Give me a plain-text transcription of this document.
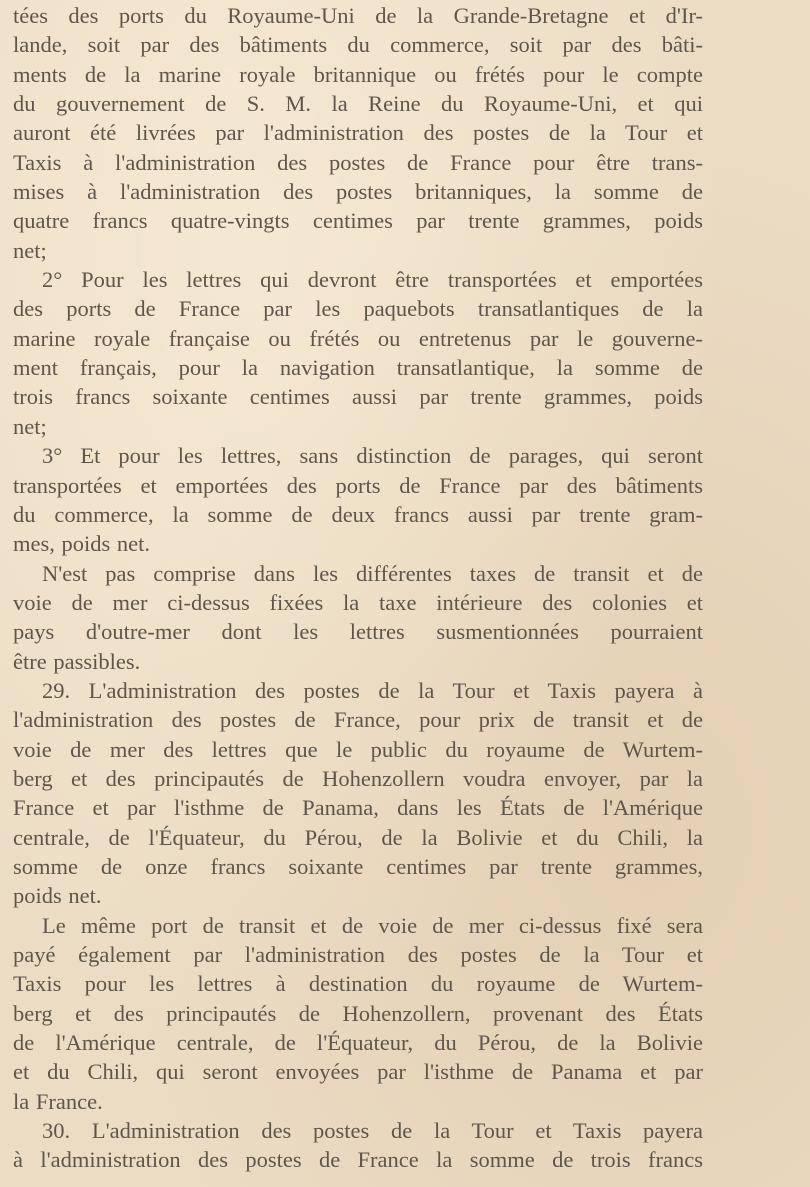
tées des ports du Royaume-Uni de la Grande-Bretagne et d'Ir-
lande, soit par des bâtiments du commerce, soit par des bâti-
ments de la marine royale britannique ou frétés pour le compte
du gouvernement de S. M. la Reine du Royaume-Uni, et qui
auront été livrées par l'administration des postes de la Tour et
Taxis à l'administration des postes de France pour être trans-
mises à l'administration des postes britanniques, la somme de
quatre francs quatre-vingts centimes par trente grammes, poids
net;
2° Pour les lettres qui devront être transportées et emportées
des ports de France par les paquebots transatlantiques de la
marine royale française ou frétés ou entretenus par le gouverne-
ment français, pour la navigation transatlantique, la somme de
trois francs soixante centimes aussi par trente grammes, poids
net;
3° Et pour les lettres, sans distinction de parages, qui seront
transportées et emportées des ports de France par des bâtiments
du commerce, la somme de deux francs aussi par trente gram-
mes, poids net.
N'est pas comprise dans les différentes taxes de transit et de
voie de mer ci-dessus fixées la taxe intérieure des colonies et
pays d'outre-mer dont les lettres susmentionnées pourraient
être passibles.
29. L'administration des postes de la Tour et Taxis payera à
l'administration des postes de France, pour prix de transit et de
voie de mer des lettres que le public du royaume de Wurtem-
berg et des principautés de Hohenzollern voudra envoyer, par la
France et par l'isthme de Panama, dans les États de l'Amérique
centrale, de l'Équateur, du Pérou, de la Bolivie et du Chili, la
somme de onze francs soixante centimes par trente grammes,
poids net.
Le même port de transit et de voie de mer ci-dessus fixé sera
payé également par l'administration des postes de la Tour et
Taxis pour les lettres à destination du royaume de Wurtem-
berg et des principautés de Hohenzollern, provenant des États
de l'Amérique centrale, de l'Équateur, du Pérou, de la Bolivie
et du Chili, qui seront envoyées par l'isthme de Panama et par
la France.
30. L'administration des postes de la Tour et Taxis payera
à l'administration des postes de France la somme de trois francs
